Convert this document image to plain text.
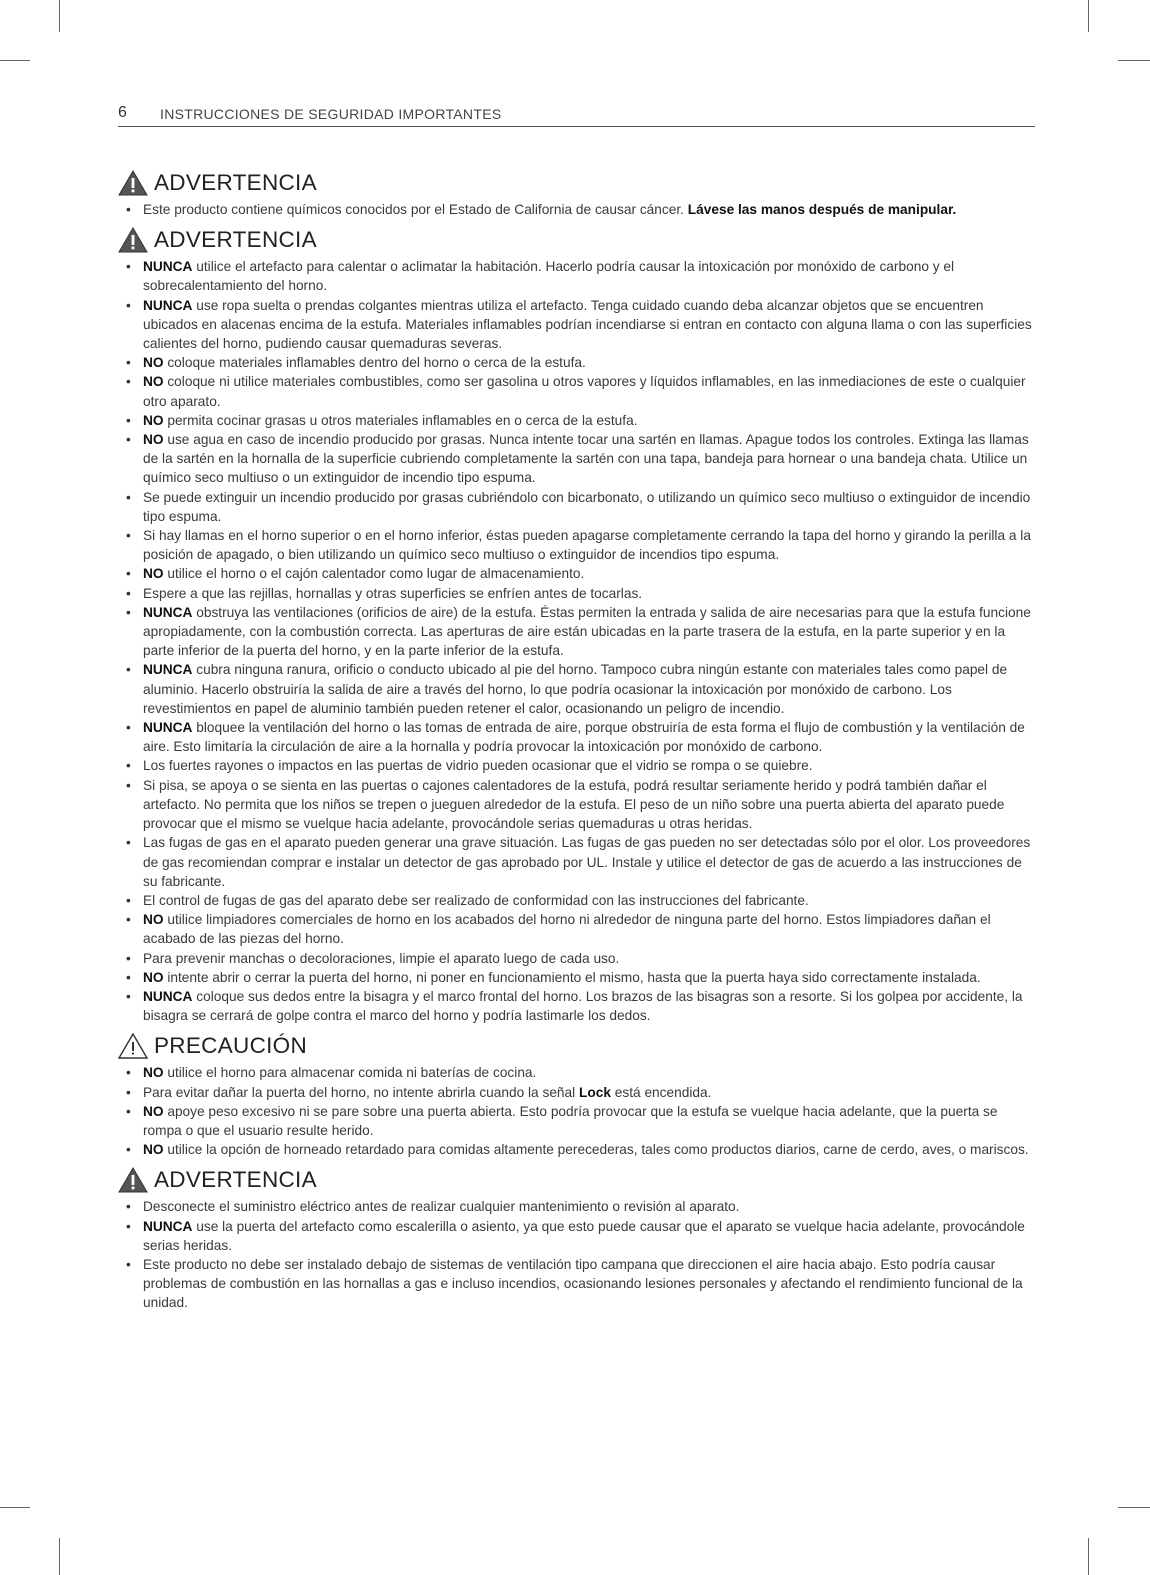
6 INSTRUCCIONES DE SEGURIDAD IMPORTANTES
ADVERTENCIA
• Este producto contiene químicos conocidos por el Estado de California de causar cáncer. Lávese las manos después de manipular.
ADVERTENCIA
• NUNCA utilice el artefacto para calentar o aclimatar la habitación. Hacerlo podría causar la intoxicación por monóxido de carbono y el sobrecalentamiento del horno.
• NUNCA use ropa suelta o prendas colgantes mientras utiliza el artefacto. Tenga cuidado cuando deba alcanzar objetos que se encuentren ubicados en alacenas encima de la estufa. Materiales inflamables podrían incendiarse si entran en contacto con alguna llama o con las superficies calientes del horno, pudiendo causar quemaduras severas.
• NO coloque materiales inflamables dentro del horno o cerca de la estufa.
• NO coloque ni utilice materiales combustibles, como ser gasolina u otros vapores y líquidos inflamables, en las inmediaciones de este o cualquier otro aparato.
• NO permita cocinar grasas u otros materiales inflamables en o cerca de la estufa.
• NO use agua en caso de incendio producido por grasas. Nunca intente tocar una sartén en llamas. Apague todos los controles. Extinga las llamas de la sartén en la hornalla de la superficie cubriendo completamente la sartén con una tapa, bandeja para hornear o una bandeja chata. Utilice un químico seco multiuso o un extinguidor de incendio tipo espuma.
• Se puede extinguir un incendio producido por grasas cubriéndolo con bicarbonato, o utilizando un químico seco multiuso o extinguidor de incendio tipo espuma.
• Si hay llamas en el horno superior o en el horno inferior, éstas pueden apagarse completamente cerrando la tapa del horno y girando la perilla a la posición de apagado, o bien utilizando un químico seco multiuso o extinguidor de incendios tipo espuma.
• NO utilice el horno o el cajón calentador como lugar de almacenamiento.
• Espere a que las rejillas, hornallas y otras superficies se enfríen antes de tocarlas.
• NUNCA obstruya las ventilaciones (orificios de aire) de la estufa. Éstas permiten la entrada y salida de aire necesarias para que la estufa funcione apropiadamente, con la combustión correcta. Las aperturas de aire están ubicadas en la parte trasera de la estufa, en la parte superior y en la parte inferior de la puerta del horno, y en la parte inferior de la estufa.
• NUNCA cubra ninguna ranura, orificio o conducto ubicado al pie del horno. Tampoco cubra ningún estante con materiales tales como papel de aluminio. Hacerlo obstruiría la salida de aire a través del horno, lo que podría ocasionar la intoxicación por monóxido de carbono. Los revestimientos en papel de aluminio también pueden retener el calor, ocasionando un peligro de incendio.
• NUNCA bloquee la ventilación del horno o las tomas de entrada de aire, porque obstruiría de esta forma el flujo de combustión y la ventilación de aire. Esto limitaría la circulación de aire a la hornalla y podría provocar la intoxicación por monóxido de carbono.
• Los fuertes rayones o impactos en las puertas de vidrio pueden ocasionar que el vidrio se rompa o se quiebre.
• Si pisa, se apoya o se sienta en las puertas o cajones calentadores de la estufa, podrá resultar seriamente herido y podrá también dañar el artefacto. No permita que los niños se trepen o jueguen alrededor de la estufa. El peso de un niño sobre una puerta abierta del aparato puede provocar que el mismo se vuelque hacia adelante, provocándole serias quemaduras u otras heridas.
• Las fugas de gas en el aparato pueden generar una grave situación. Las fugas de gas pueden no ser detectadas sólo por el olor. Los proveedores de gas recomiendan comprar e instalar un detector de gas aprobado por UL. Instale y utilice el detector de gas de acuerdo a las instrucciones de su fabricante.
• El control de fugas de gas del aparato debe ser realizado de conformidad con las instrucciones del fabricante.
• NO utilice limpiadores comerciales de horno en los acabados del horno ni alrededor de ninguna parte del horno. Estos limpiadores dañan el acabado de las piezas del horno.
• Para prevenir manchas o decoloraciones, limpie el aparato luego de cada uso.
• NO intente abrir o cerrar la puerta del horno, ni poner en funcionamiento el mismo, hasta que la puerta haya sido correctamente instalada.
• NUNCA coloque sus dedos entre la bisagra y el marco frontal del horno. Los brazos de las bisagras son a resorte. Si los golpea por accidente, la bisagra se cerrará de golpe contra el marco del horno y podría lastimarle los dedos.
PRECAUCIÓN
• NO utilice el horno para almacenar comida ni baterías de cocina.
• Para evitar dañar la puerta del horno, no intente abrirla cuando la señal Lock está encendida.
• NO apoye peso excesivo ni se pare sobre una puerta abierta. Esto podría provocar que la estufa se vuelque hacia adelante, que la puerta se rompa o que el usuario resulte herido.
• NO utilice la opción de horneado retardado para comidas altamente perecederas, tales como productos diarios, carne de cerdo, aves, o mariscos.
ADVERTENCIA
• Desconecte el suministro eléctrico antes de realizar cualquier mantenimiento o revisión al aparato.
• NUNCA use la puerta del artefacto como escalerilla o asiento, ya que esto puede causar que el aparato se vuelque hacia adelante, provocándole serias heridas.
• Este producto no debe ser instalado debajo de sistemas de ventilación tipo campana que direccionen el aire hacia abajo. Esto podría causar problemas de combustión en las hornallas a gas e incluso incendios, ocasionando lesiones personales y afectando el rendimiento funcional de la unidad.
